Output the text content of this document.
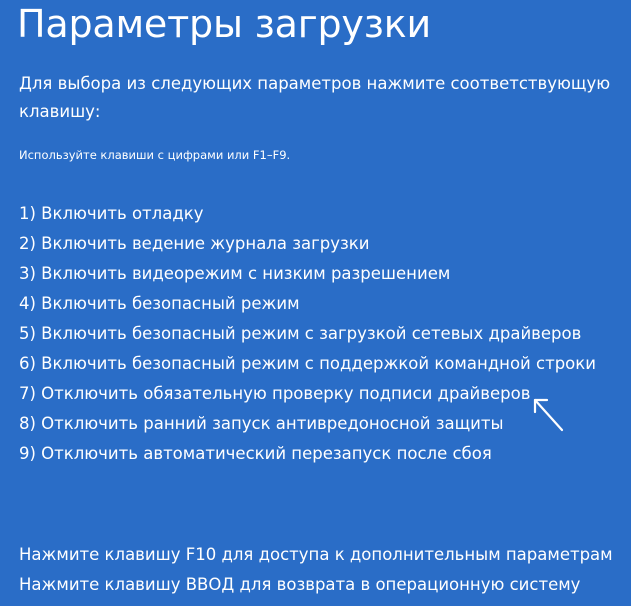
Параметры загрузки

Для выбора из следующих параметров нажмите соответствующую клавишу:

Используйте клавиши с цифрами или F1–F9.

1) Включить отладку
2) Включить ведение журнала загрузки
3) Включить видеорежим с низким разрешением
4) Включить безопасный режим
5) Включить безопасный режим с загрузкой сетевых драйверов
6) Включить безопасный режим с поддержкой командной строки
7) Отключить обязательную проверку подписи драйверов
8) Отключить ранний запуск антивредоносной защиты
9) Отключить автоматический перезапуск после сбоя
Нажмите клавишу F10 для доступа к дополнительным параметрам
Нажмите клавишу ВВОД для возврата в операционную систему
